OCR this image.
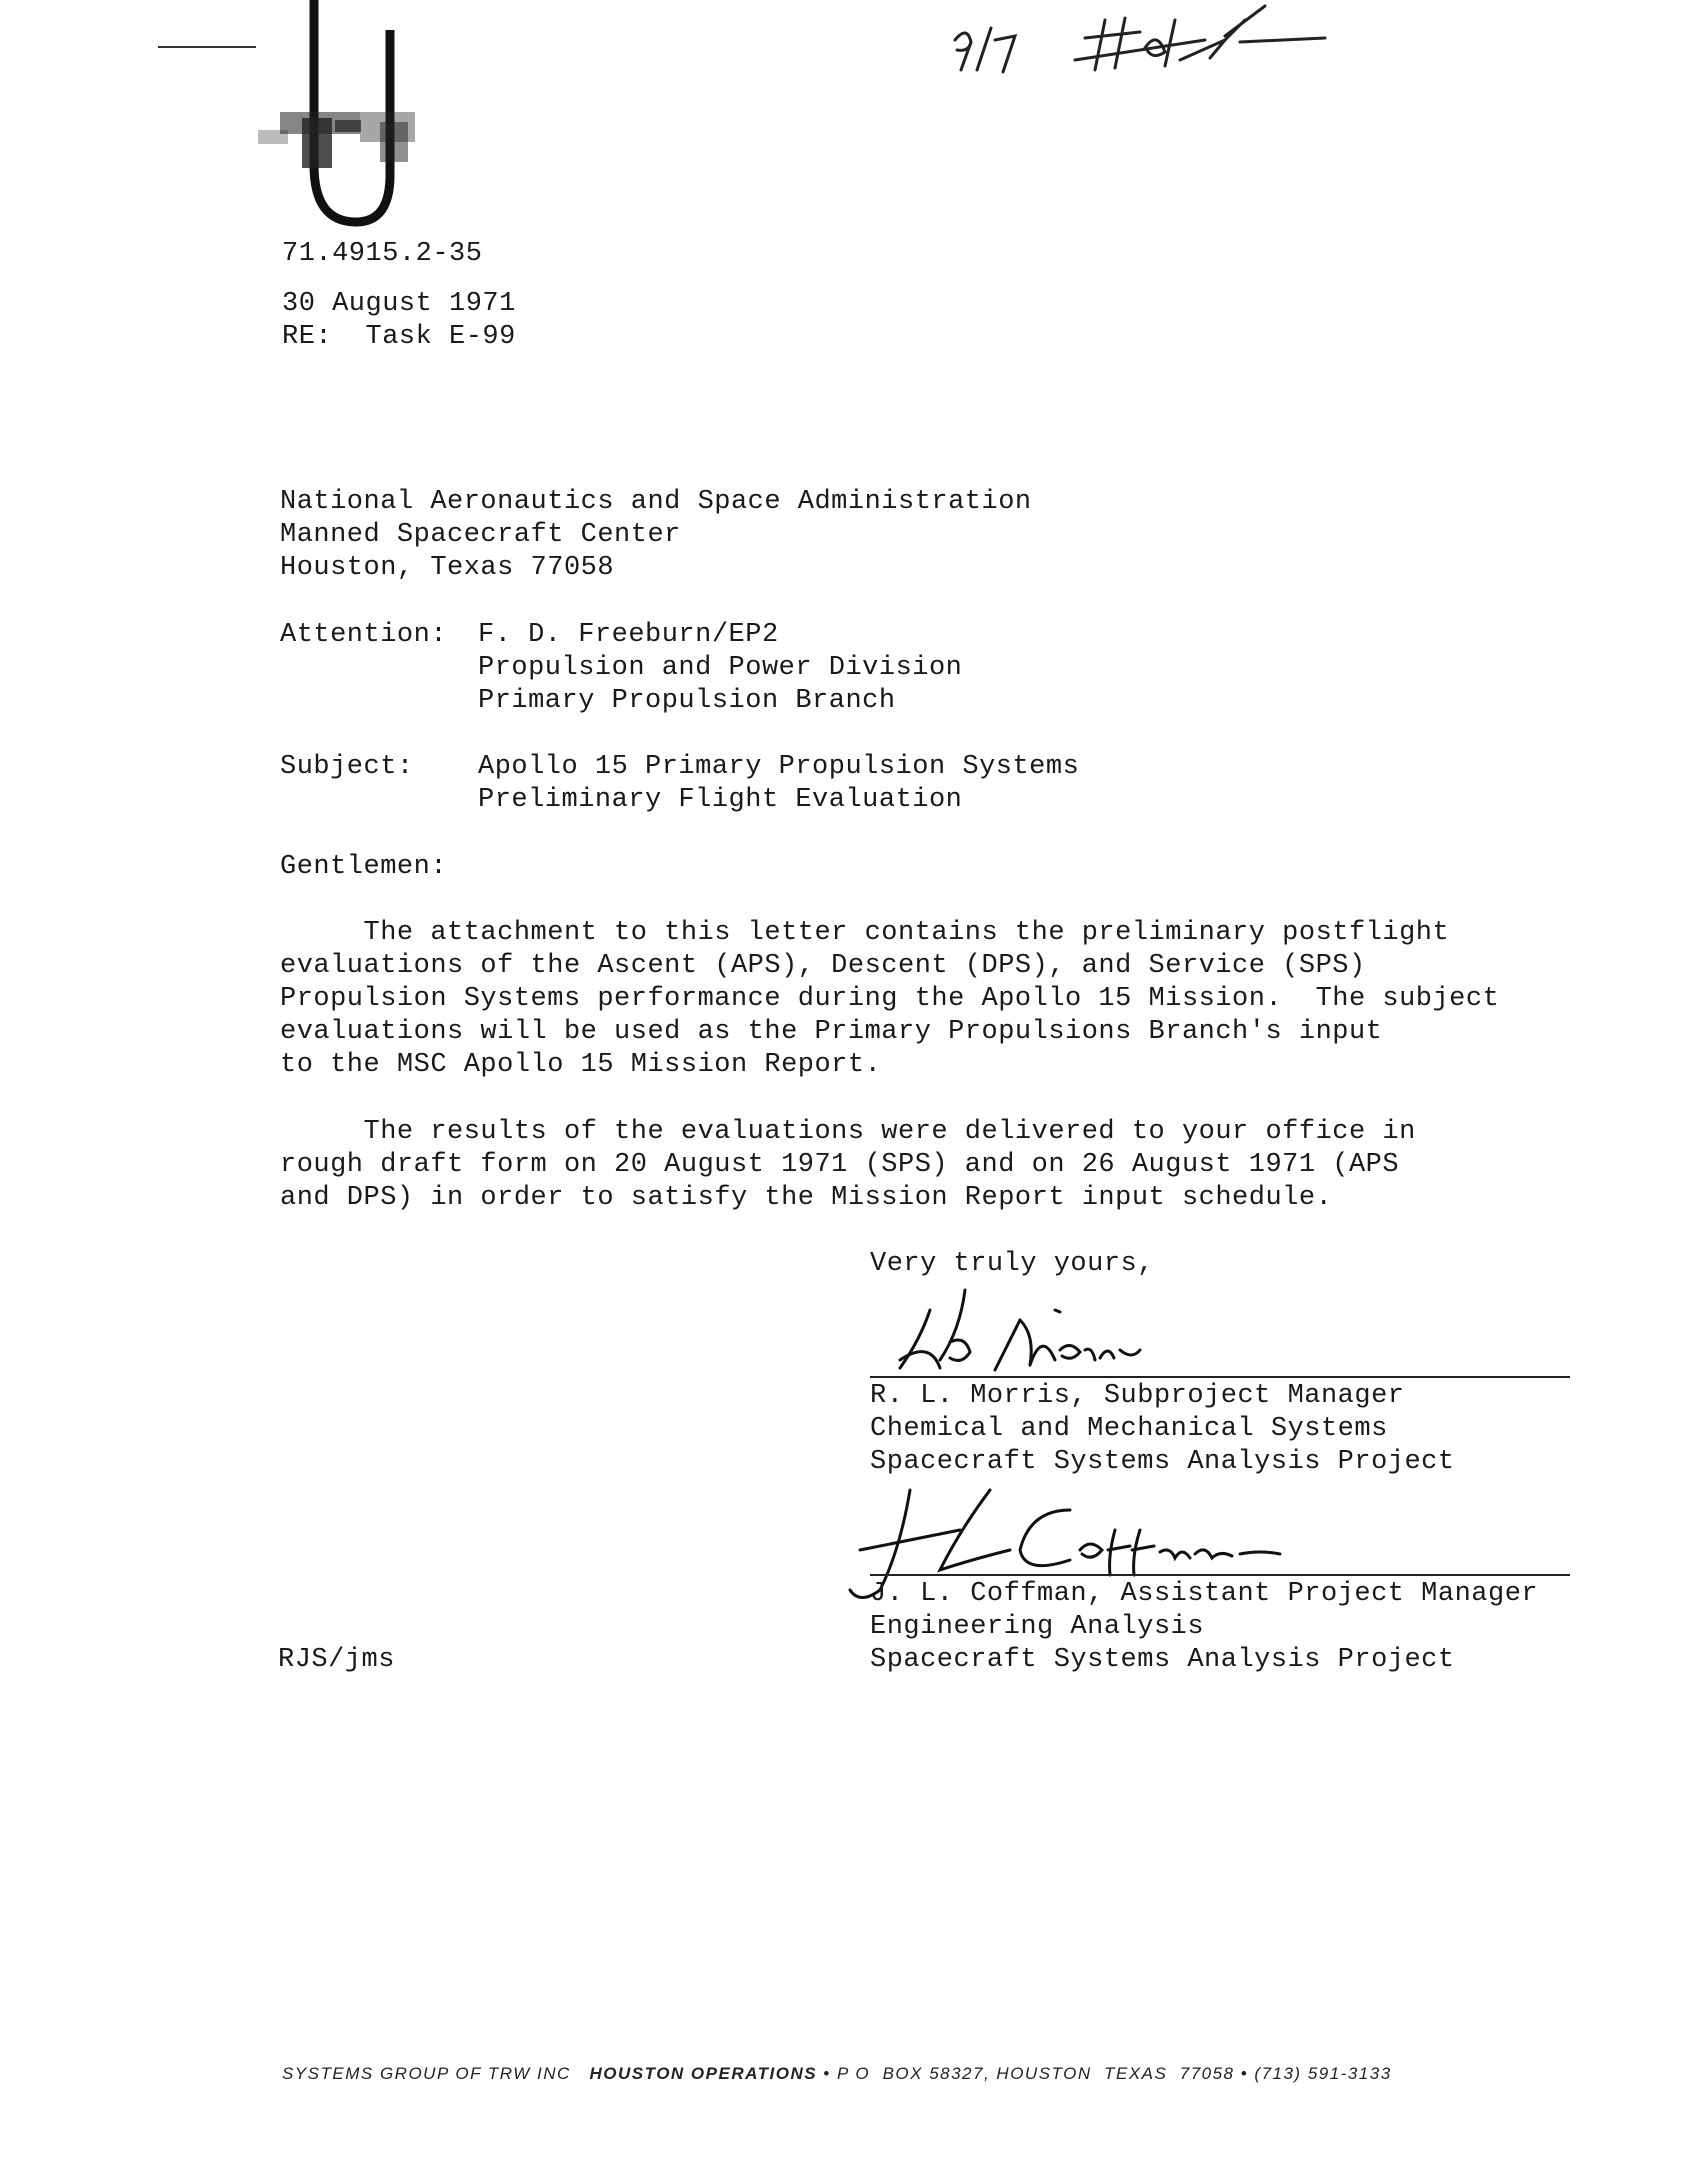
71.4915.2-35
30 August 1971
RE:  Task E-99
National Aeronautics and Space Administration
Manned Spacecraft Center
Houston, Texas 77058
Attention: F. D. Freeburn/EP2
Propulsion and Power Division
Primary Propulsion Branch
Subject: Apollo 15 Primary Propulsion Systems
Preliminary Flight Evaluation
Gentlemen:
The attachment to this letter contains the preliminary postflight
evaluations of the Ascent (APS), Descent (DPS), and Service (SPS)
Propulsion Systems performance during the Apollo 15 Mission.  The subject
evaluations will be used as the Primary Propulsions Branch's input
to the MSC Apollo 15 Mission Report.
The results of the evaluations were delivered to your office in
rough draft form on 20 August 1971 (SPS) and on 26 August 1971 (APS
and DPS) in order to satisfy the Mission Report input schedule.
Very truly yours,
R. L. Morris, Subproject Manager
Chemical and Mechanical Systems
Spacecraft Systems Analysis Project
J. L. Coffman, Assistant Project Manager
Engineering Analysis
Spacecraft Systems Analysis Project
RJS/jms
SYSTEMS GROUP OF TRW INC HOUSTON OPERATIONS • P O  BOX 58327, HOUSTON  TEXAS  77058 • (713) 591-3133
